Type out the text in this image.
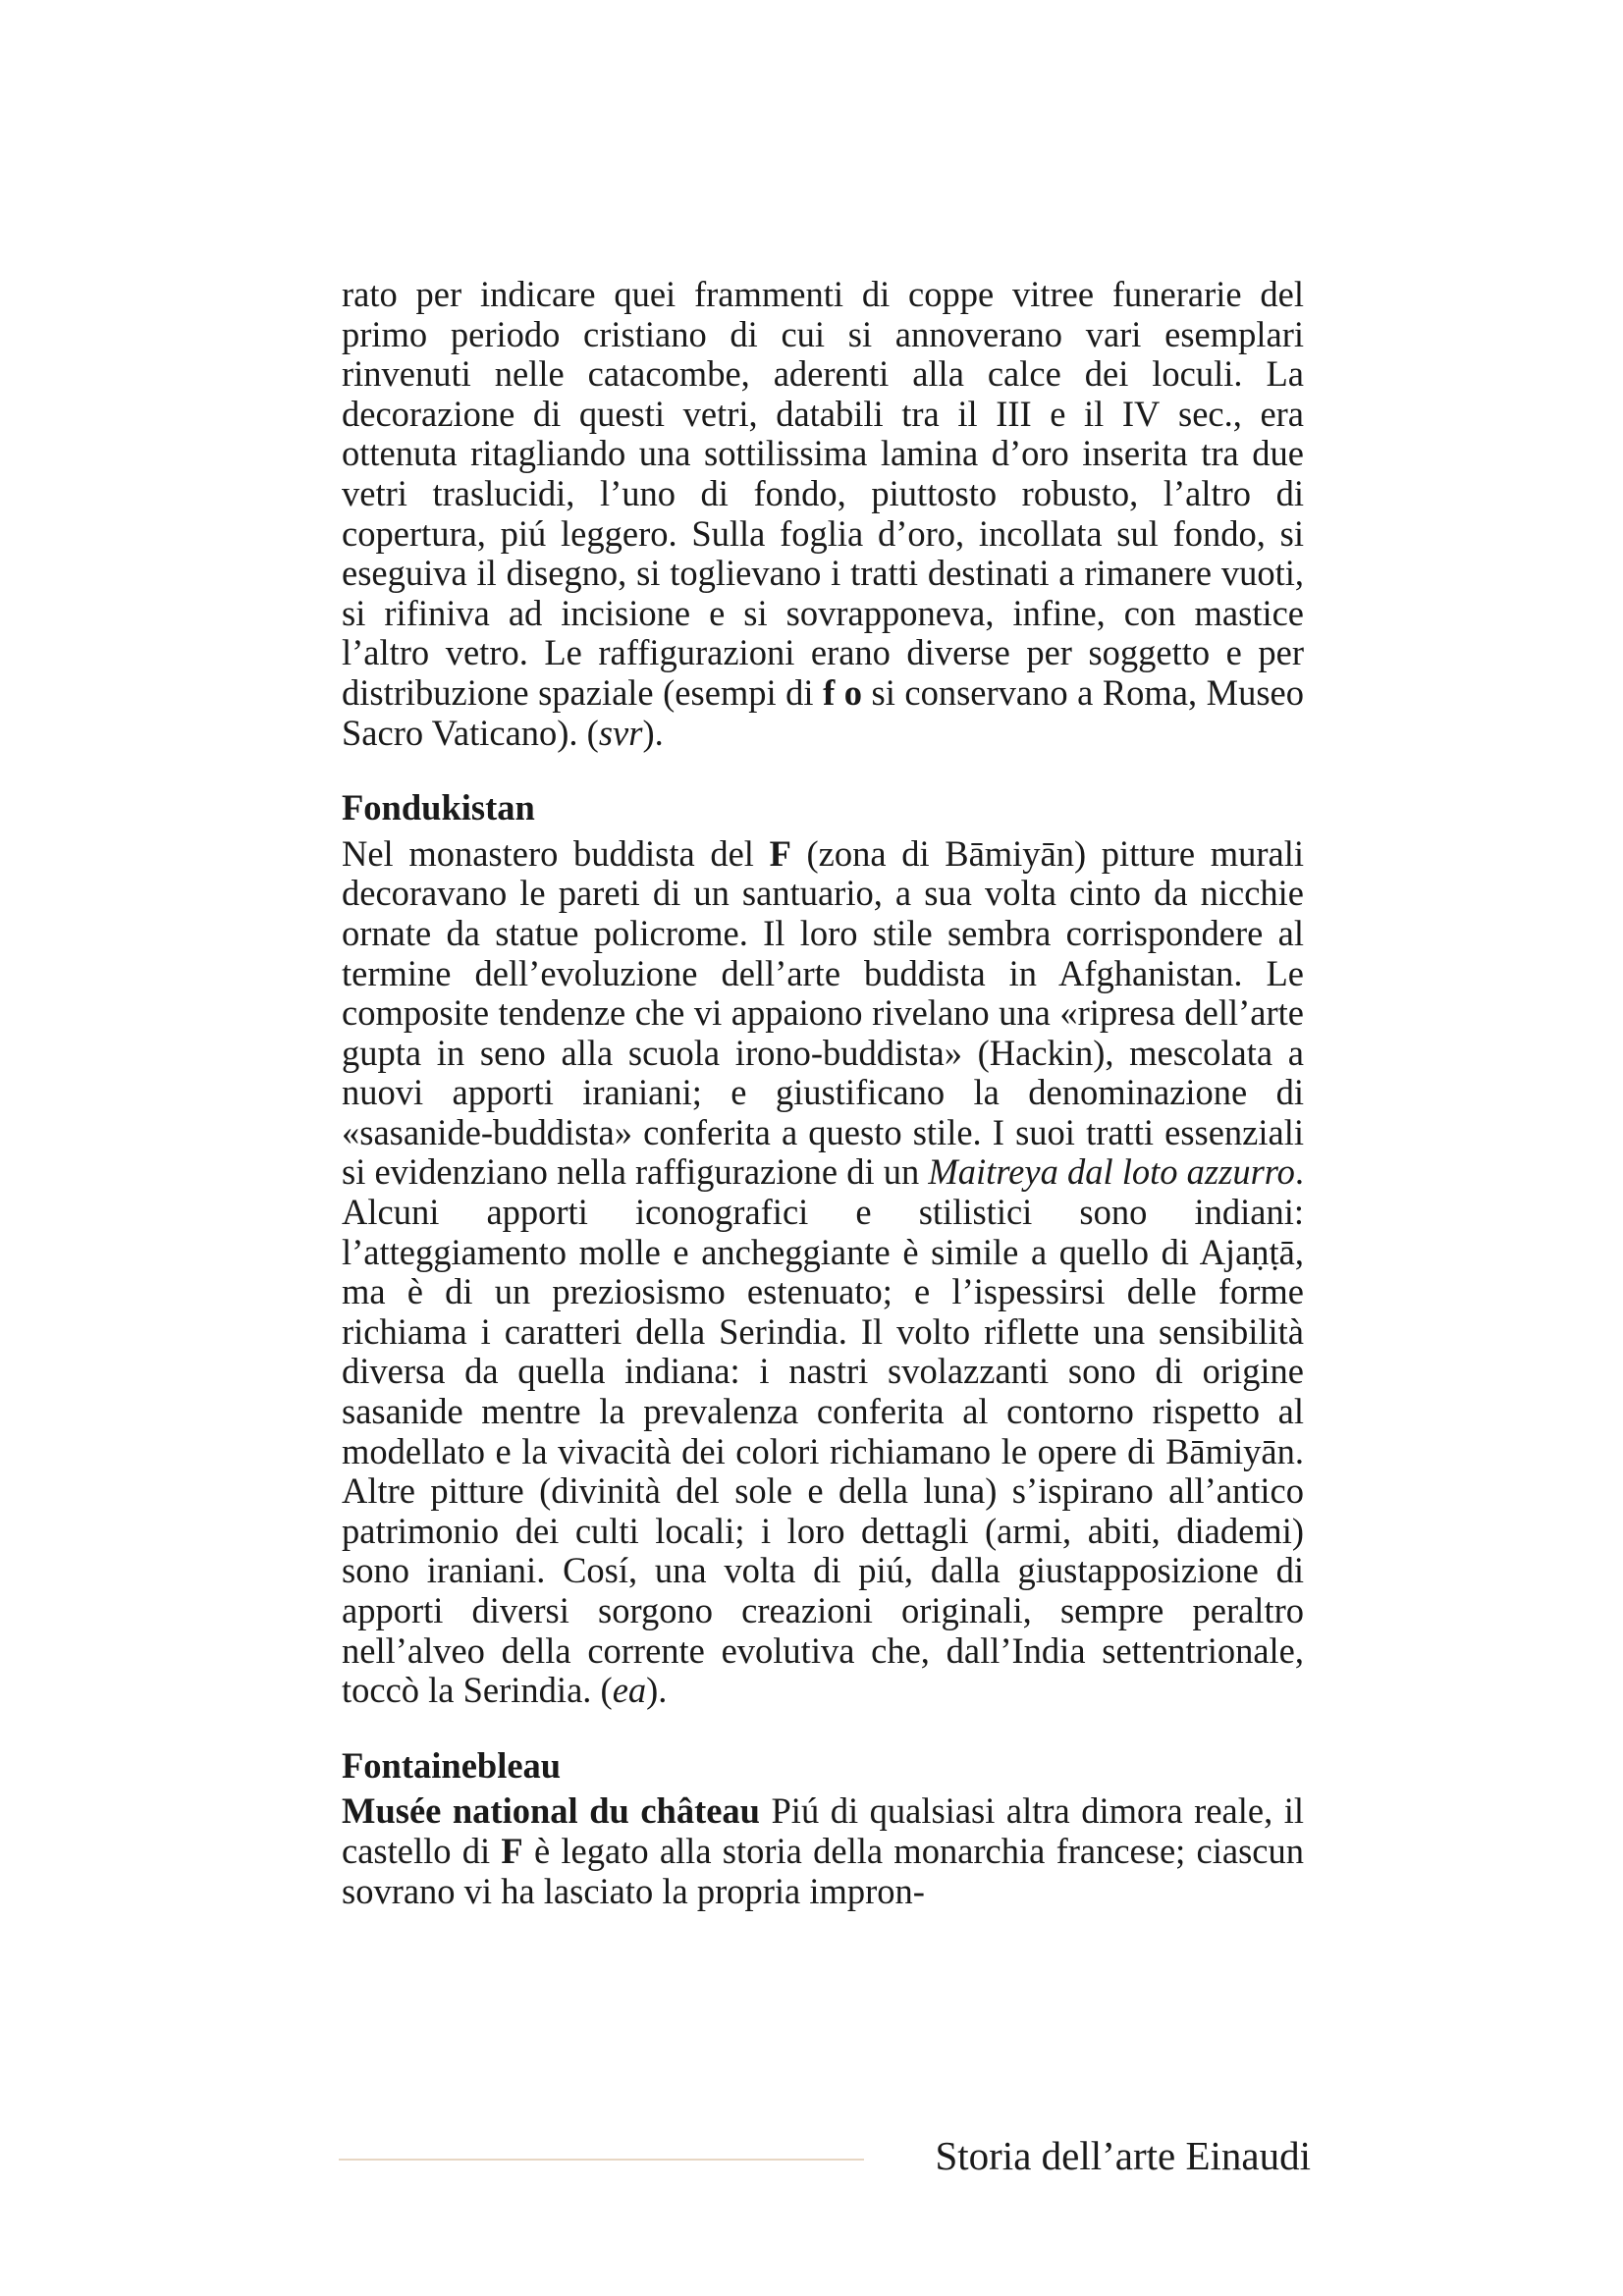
rato per indicare quei frammenti di coppe vitree funerarie del primo periodo cristiano di cui si annoverano vari esemplari rinvenuti nelle catacombe, aderenti alla calce dei loculi. La decorazione di questi vetri, databili tra il III e il IV sec., era ottenuta ritagliando una sottilissima lamina d’oro inserita tra due vetri traslucidi, l’uno di fondo, piuttosto robusto, l’altro di copertura, piú leggero. Sulla foglia d’oro, incollata sul fondo, si eseguiva il disegno, si toglievano i tratti destinati a rimanere vuoti, si rifiniva ad incisione e si sovrapponeva, infine, con mastice l’altro vetro. Le raffigurazioni erano diverse per soggetto e per distribuzione spaziale (esempi di f o si conservano a Roma, Museo Sacro Vaticano). (svr).

Fondukistan

Nel monastero buddista del F (zona di Bāmiyān) pitture murali decoravano le pareti di un santuario, a sua volta cinto da nicchie ornate da statue policrome. Il loro stile sembra corrispondere al termine dell’evoluzione dell’arte buddista in Afghanistan. Le composite tendenze che vi appaiono rivelano una «ripresa dell’arte gupta in seno alla scuola irono-buddista» (Hackin), mescolata a nuovi apporti iraniani; e giustificano la denominazione di «sasanide-buddista» conferita a questo stile. I suoi tratti essenziali si evidenziano nella raffigurazione di un Maitreya dal loto azzurro. Alcuni apporti iconografici e stilistici sono indiani: l’atteggiamento molle e ancheggiante è simile a quello di Ajaṇṭā, ma è di un preziosismo estenuato; e l’ispessirsi delle forme richiama i caratteri della Serindia. Il volto riflette una sensibilità diversa da quella indiana: i nastri svolazzanti sono di origine sasanide mentre la prevalenza conferita al contorno rispetto al modellato e la vivacità dei colori richiamano le opere di Bāmiyān. Altre pitture (divinità del sole e della luna) s’ispirano all’antico patrimonio dei culti locali; i loro dettagli (armi, abiti, diademi) sono iraniani. Cosí, una volta di piú, dalla giustapposizione di apporti diversi sorgono creazioni originali, sempre peraltro nell’alveo della corrente evolutiva che, dall’India settentrionale, toccò la Serindia. (ea).

Fontainebleau

Musée national du château Piú di qualsiasi altra dimora reale, il castello di F è legato alla storia della monarchia francese; ciascun sovrano vi ha lasciato la propria impron-

Storia dell’arte Einaudi
